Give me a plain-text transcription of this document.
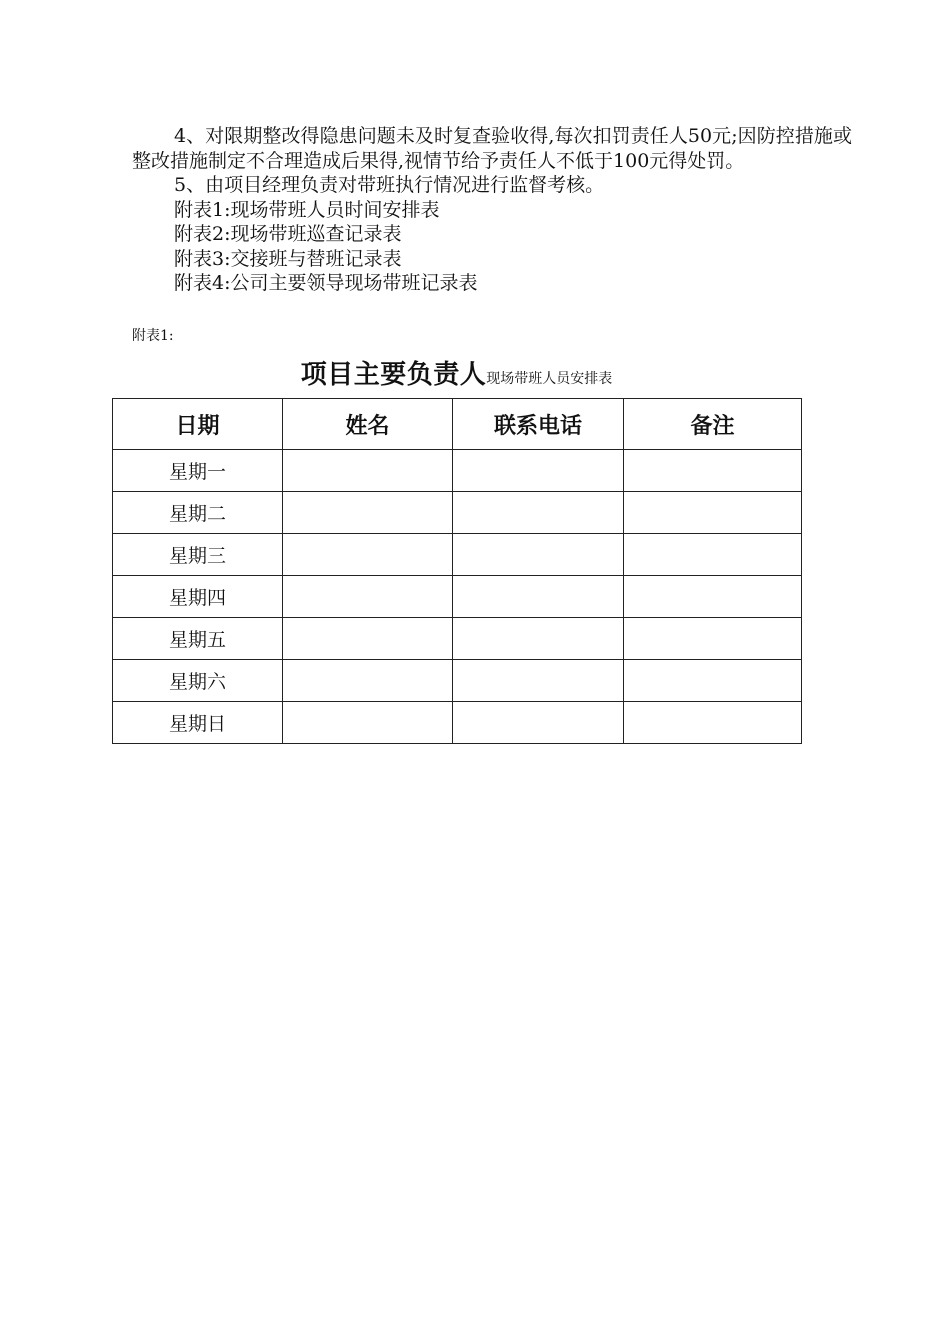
4、对限期整改得隐患问题未及时复查验收得,每次扣罚责任人50元;因防控措施或整改措施制定不合理造成后果得,视情节给予责任人不低于100元得处罚。

5、由项目经理负责对带班执行情况进行监督考核。

附表1:现场带班人员时间安排表

附表2:现场带班巡查记录表

附表3:交接班与替班记录表

附表4:公司主要领导现场带班记录表

附表1:
项目主要负责人现场带班人员安排表
日期	姓名	联系电话	备注
星期一			
星期二			
星期三			
星期四			
星期五			
星期六			
星期日			
